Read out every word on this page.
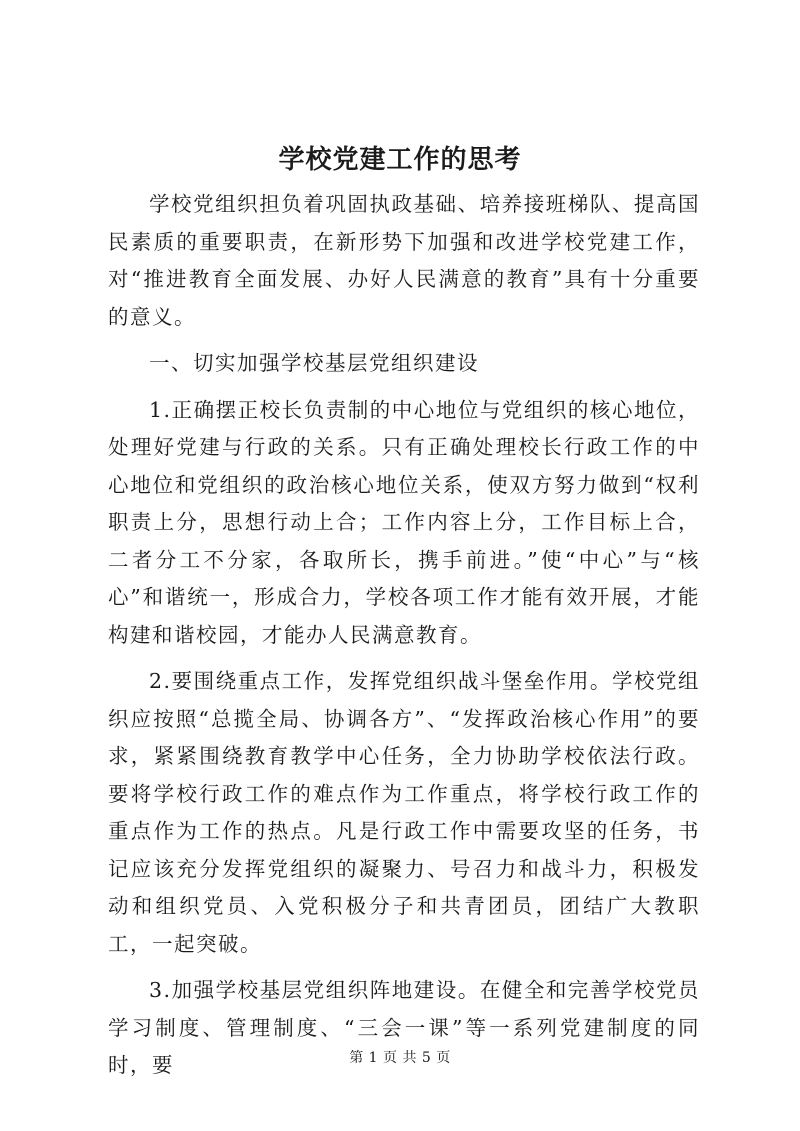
学校党建工作的思考

学校党组织担负着巩固执政基础、培养接班梯队、提高国民素质的重要职责，在新形势下加强和改进学校党建工作，对“推进教育全面发展、办好人民满意的教育”具有十分重要的意义。

一、切实加强学校基层党组织建设

1.正确摆正校长负责制的中心地位与党组织的核心地位，处理好党建与行政的关系。只有正确处理校长行政工作的中心地位和党组织的政治核心地位关系，使双方努力做到“权利职责上分，思想行动上合；工作内容上分，工作目标上合，二者分工不分家，各取所长，携手前进。”使“中心”与“核心”和谐统一，形成合力，学校各项工作才能有效开展，才能构建和谐校园，才能办人民满意教育。

2.要围绕重点工作，发挥党组织战斗堡垒作用。学校党组织应按照“总揽全局、协调各方”、“发挥政治核心作用”的要求，紧紧围绕教育教学中心任务，全力协助学校依法行政。要将学校行政工作的难点作为工作重点，将学校行政工作的重点作为工作的热点。凡是行政工作中需要攻坚的任务，书记应该充分发挥党组织的凝聚力、号召力和战斗力，积极发动和组织党员、入党积极分子和共青团员，团结广大教职工，一起突破。

3.加强学校基层党组织阵地建设。在健全和完善学校党员学习制度、管理制度、“三会一课”等一系列党建制度的同时，要	第 1 页 共 5 页
